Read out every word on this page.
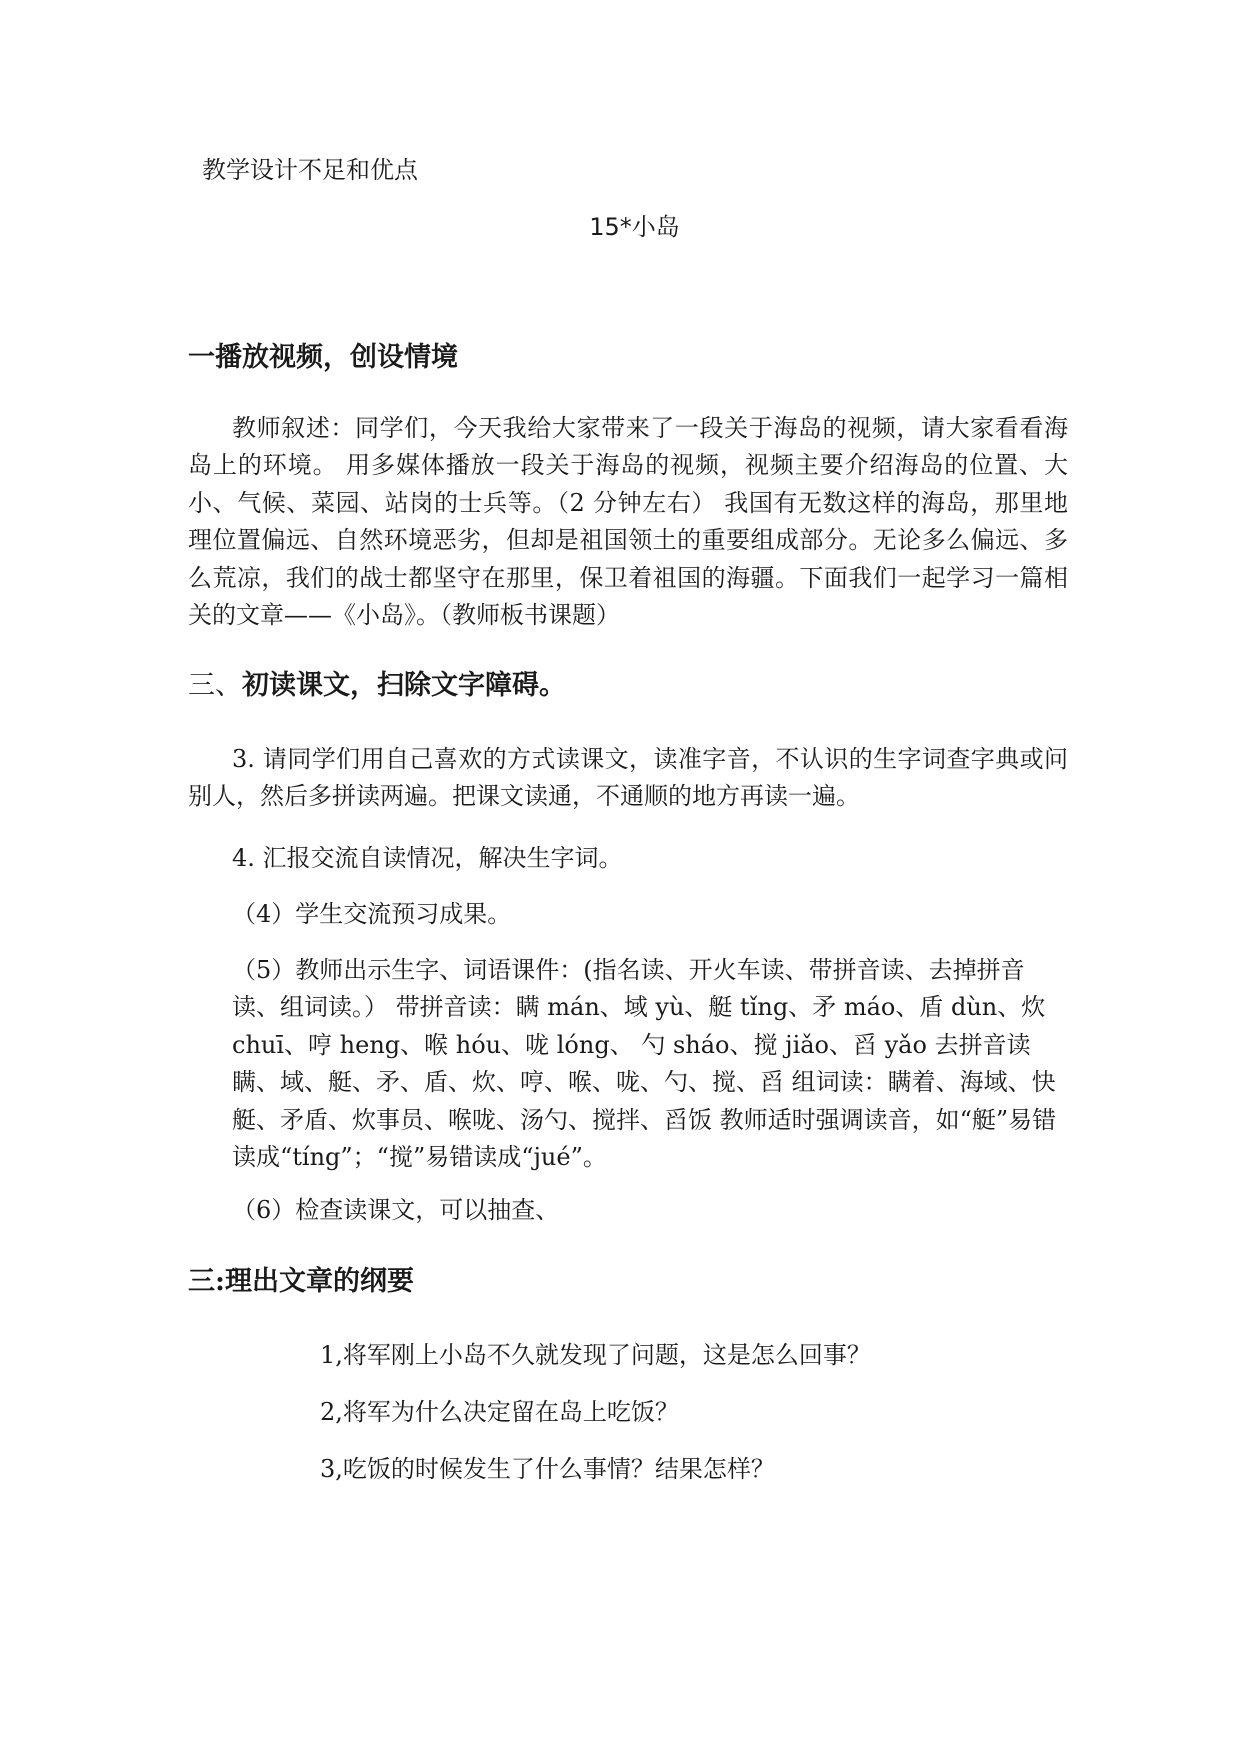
教学设计不足和优点
15*小岛
一播放视频，创设情境
教师叙述：同学们，今天我给大家带来了一段关于海岛的视频，请大家看看海岛上的环境。 用多媒体播放一段关于海岛的视频，视频主要介绍海岛的位置、大小、气候、菜园、站岗的士兵等。（2 分钟左右） 我国有无数这样的海岛，那里地理位置偏远、自然环境恶劣，但却是祖国领土的重要组成部分。无论多么偏远、多么荒凉，我们的战士都坚守在那里，保卫着祖国的海疆。下面我们一起学习一篇相关的文章——《小岛》。（教师板书课题）
三、初读课文，扫除文字障碍。
3. 请同学们用自己喜欢的方式读课文，读准字音，不认识的生字词查字典或问别人，然后多拼读两遍。把课文读通，不通顺的地方再读一遍。
4. 汇报交流自读情况，解决生字词。
（4）学生交流预习成果。
（5）教师出示生字、词语课件：(指名读、开火车读、带拼音读、去掉拼音读、组词读。） 带拼音读：瞒 mán、域 yù、艇 tǐng、矛 máo、盾 dùn、炊 chuī、哼 heng、喉 hóu、咙 lóng、 勺 sháo、搅 jiǎo、舀 yǎo 去拼音读 瞒、域、艇、矛、盾、炊、哼、喉、咙、勺、搅、舀 组词读：瞒着、海域、快艇、矛盾、炊事员、喉咙、汤勺、搅拌、舀饭 教师适时强调读音，如“艇”易错读成“tíng”；“搅”易错读成“jué”。
（6）检查读课文，可以抽查、
三:理出文章的纲要
1,将军刚上小岛不久就发现了问题，这是怎么回事？
2,将军为什么决定留在岛上吃饭？
3,吃饭的时候发生了什么事情？结果怎样？
